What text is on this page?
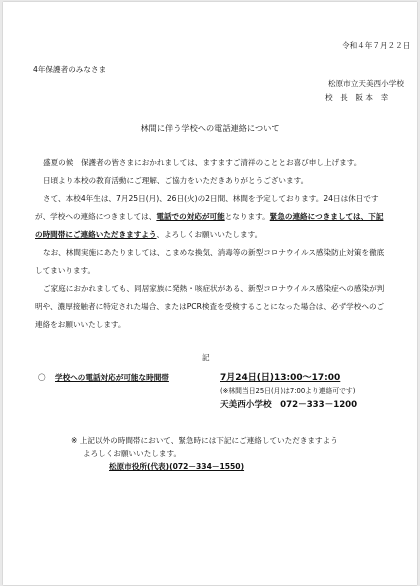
令和４年７月２２日
4年保護者のみなさま
松原市立天美西小学校
校　長　阪 本　幸
林間に伴う学校への電話連絡について
盛夏の候　保護者の皆さまにおかれましては、ますますご清祥のこととお喜び申し上げます。
日頃より本校の教育活動にご理解、ご協力をいただきありがとうございます。
さて、本校4年生は、7月25日(月)、26日(火)の2日間、林間を予定しております。24日は休日ですが、学校への連絡につきましては、電話での対応が可能となります。緊急の連絡につきましては、下記の時間帯にご連絡いただきますよう、よろしくお願いいたします。
なお、林間実施にあたりましては、こまめな換気、消毒等の新型コロナウイルス感染防止対策を徹底してまいります。
ご家庭におかれましても、同居家族に発熱・咳症状がある、新型コロナウイルス感染症への感染が判明や、濃厚接触者に特定された場合、またはPCR検査を受検することになった場合は、必ず学校へのご連絡をお願いいたします。
記
〇 学校への電話対応が可能な時間帯	7月24日(日)13:00～17:00
(※林間当日25日(月)は7:00より連絡可です)
天美西小学校　072－333－1200
※ 上記以外の時間帯において、緊急時には下記にご連絡していただきますよう
よろしくお願いいたします。
松原市役所(代表)(072－334－1550)
